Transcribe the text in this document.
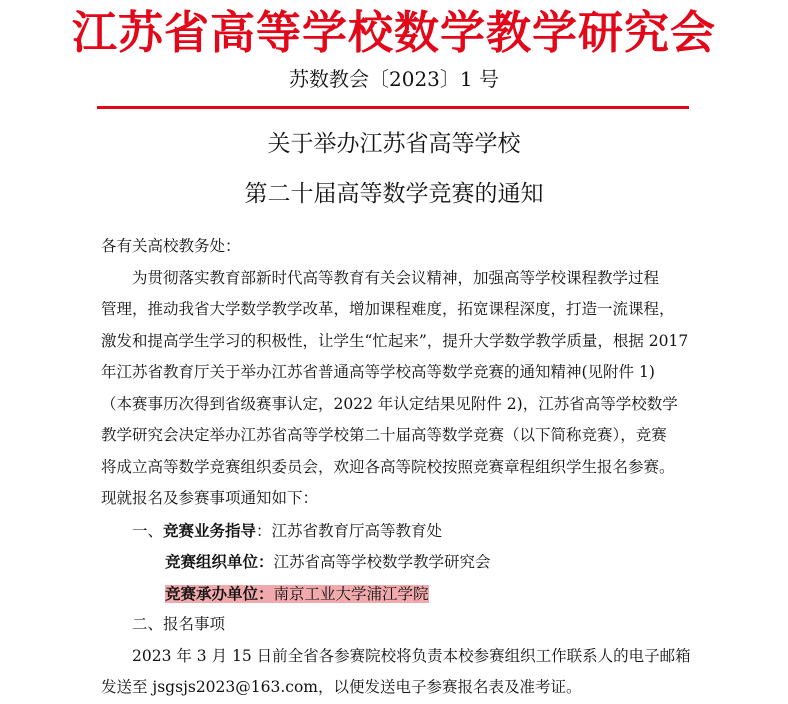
江苏省高等学校数学教学研究会
苏数教会〔2023〕1 号
关于举办江苏省高等学校
第二十届高等数学竞赛的通知
各有关高校教务处：
为贯彻落实教育部新时代高等教育有关会议精神，加强高等学校课程教学过程
管理，推动我省大学数学教学改革，增加课程难度，拓宽课程深度，打造一流课程，
激发和提高学生学习的积极性，让学生“忙起来”，提升大学数学教学质量，根据 2017
年江苏省教育厅关于举办江苏省普通高等学校高等数学竞赛的通知精神(见附件 1)
（本赛事历次得到省级赛事认定，2022 年认定结果见附件 2)，江苏省高等学校数学
教学研究会决定举办江苏省高等学校第二十届高等数学竞赛（以下简称竞赛），竞赛
将成立高等数学竞赛组织委员会，欢迎各高等院校按照竞赛章程组织学生报名参赛。
现就报名及参赛事项通知如下：
一、竞赛业务指导：江苏省教育厅高等教育处
竞赛组织单位：江苏省高等学校数学教学研究会
竞赛承办单位：南京工业大学浦江学院
二、报名事项
2023 年 3 月 15 日前全省各参赛院校将负责本校参赛组织工作联系人的电子邮箱
发送至 jsgsjs2023@163.com，以便发送电子参赛报名表及准考证。
